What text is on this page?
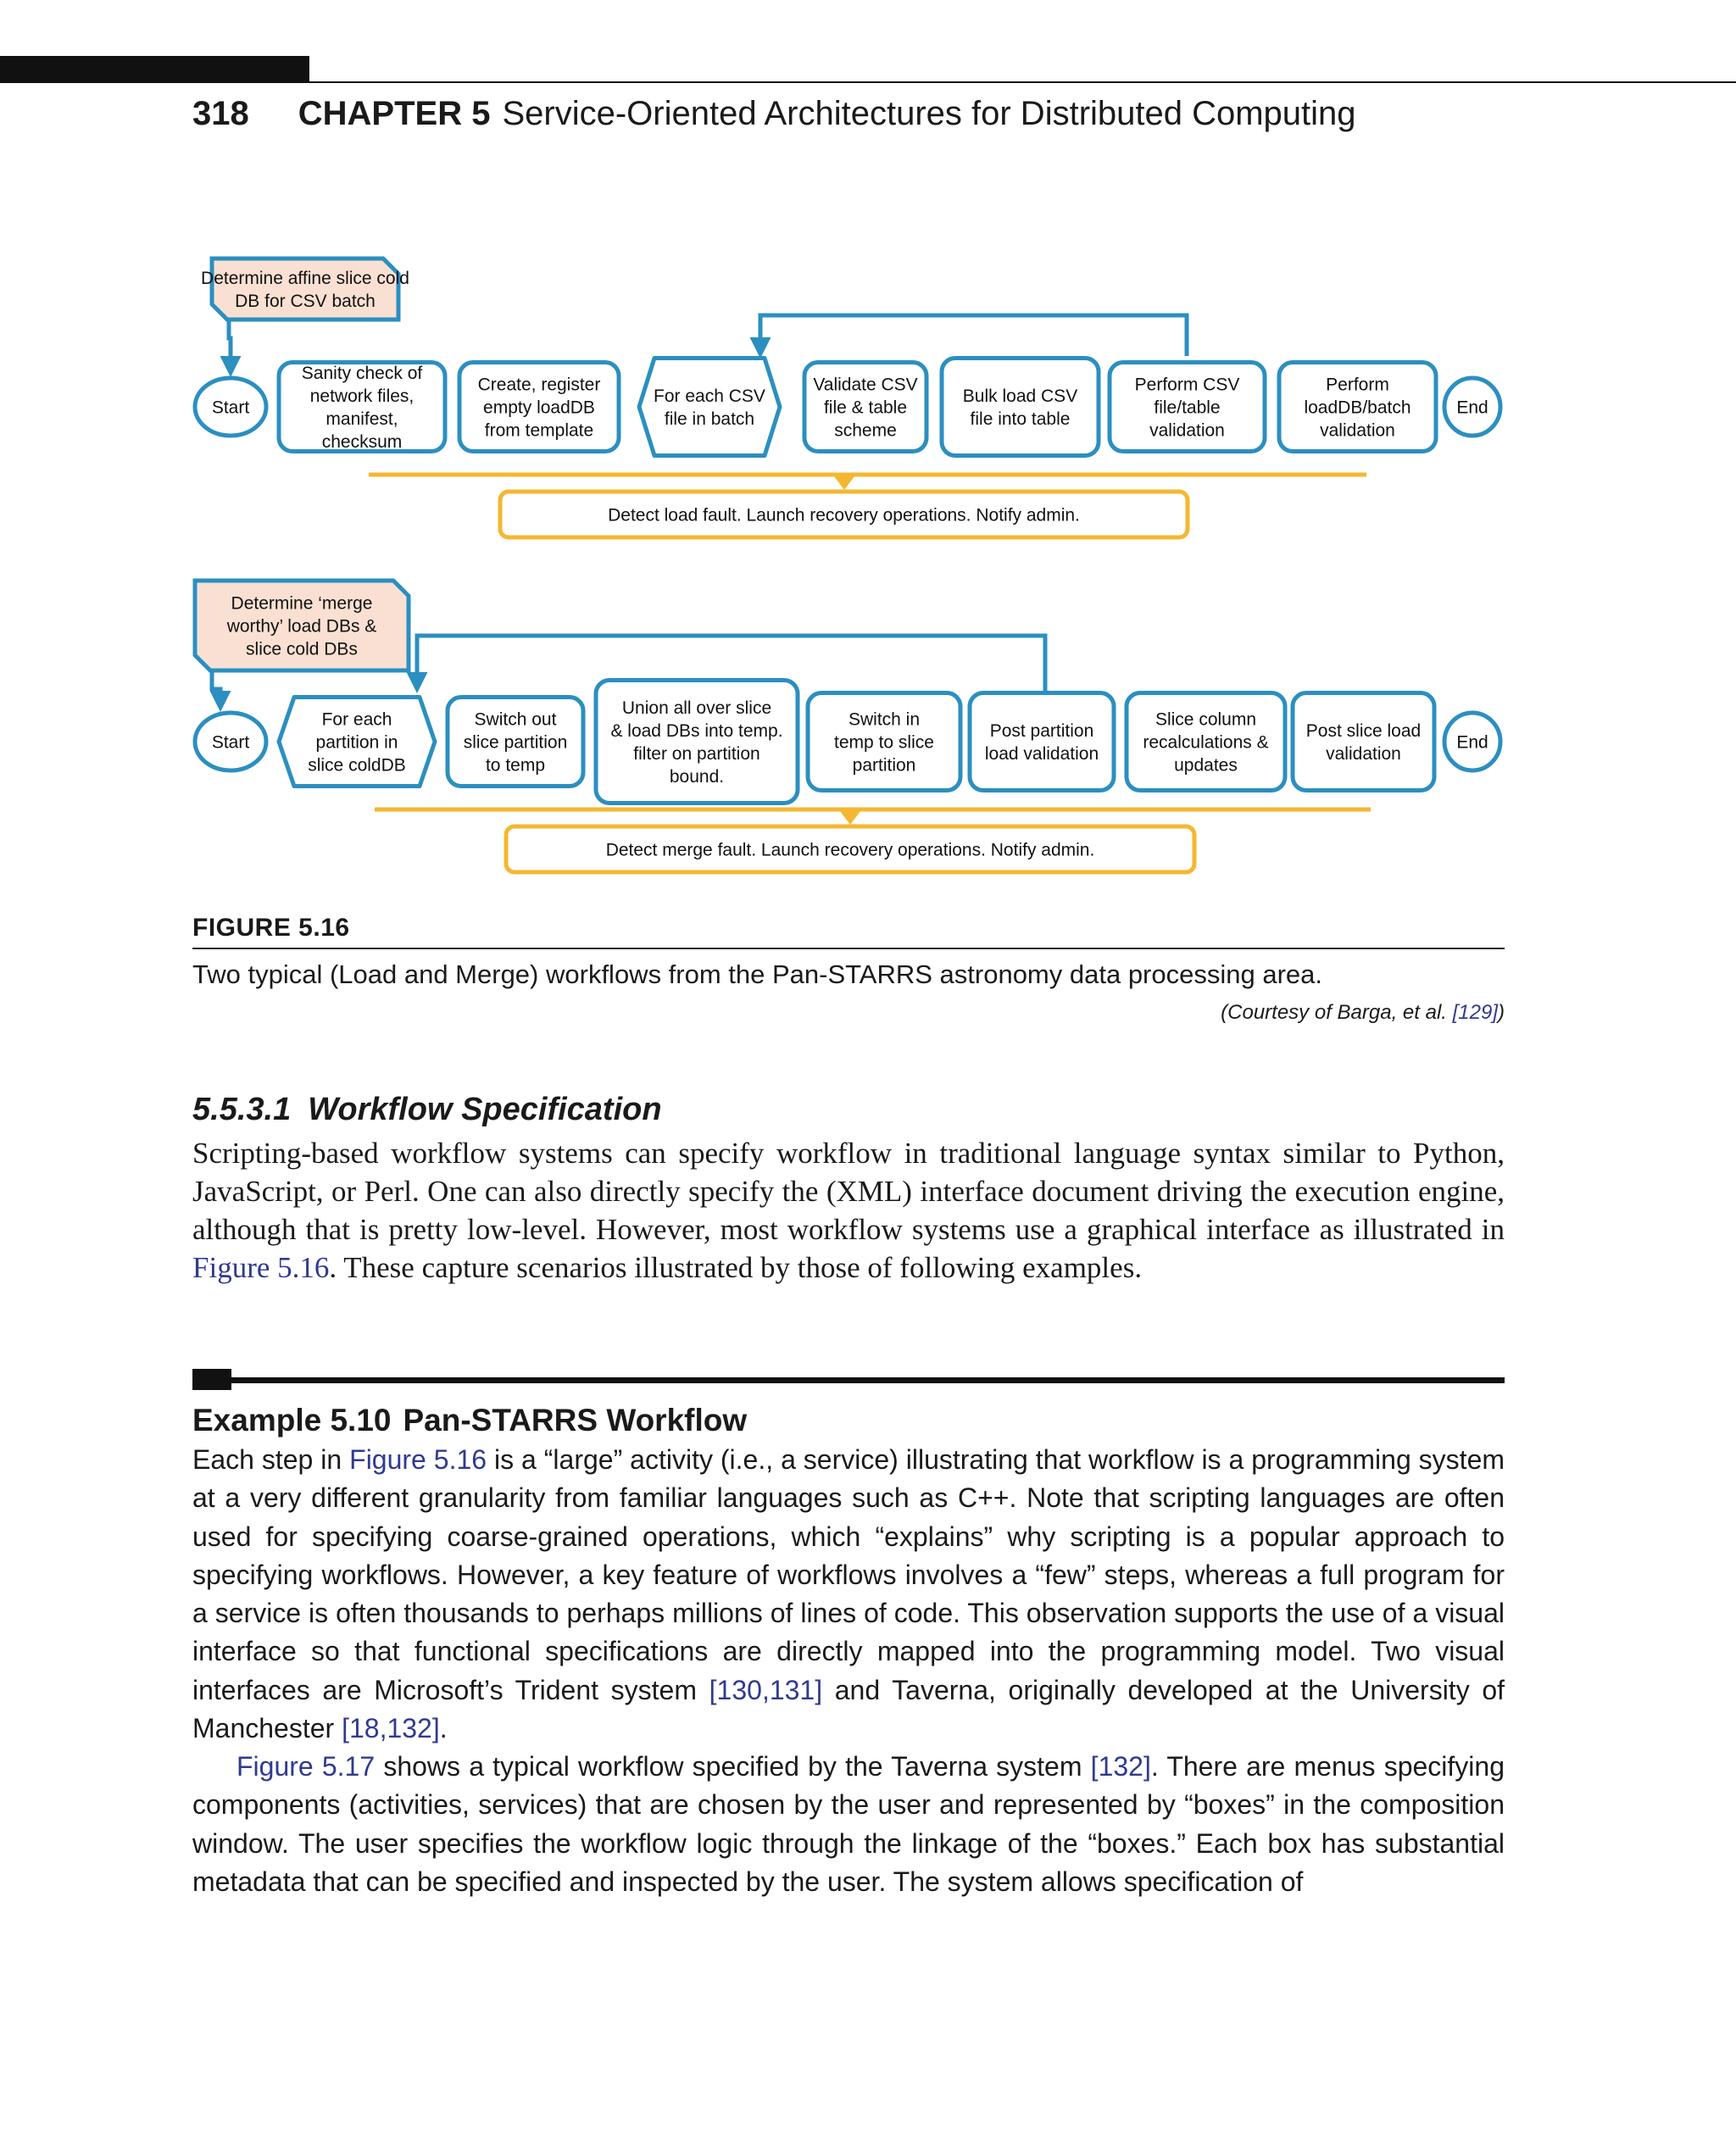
318 CHAPTER 5 Service-Oriented Architectures for Distributed Computing
Determine affine slice cold
DB for CSV batch
Start	End
Sanity check of
network files,
manifest,
checksum
Create, register
empty loadDB
from template
For each CSV
file in batch
Validate CSV
file & table
scheme
Bulk load CSV
file into table
Perform CSV
file/table
validation
Perform
loadDB/batch
validation
Detect load fault. Launch recovery operations. Notify admin.
Determine ‘merge
worthy’ load DBs &
slice cold DBs
Start	End
For each
partition in
slice coldDB
Switch out
slice partition
to temp
Union all over slice
& load DBs into temp.
filter on partition
bound.
Switch in
temp to slice
partition
Post partition
load validation
Slice column
recalculations &
updates
Post slice load
validation
Detect merge fault. Launch recovery operations. Notify admin.
FIGURE 5.16
Two typical (Load and Merge) workflows from the Pan-STARRS astronomy data processing area.
(Courtesy of Barga, et al. [129])
5.5.3.1 Workflow Specification
Scripting-based workflow systems can specify workflow in traditional language syntax similar to Python, JavaScript, or Perl. One can also directly specify the (XML) interface document driving the execution engine, although that is pretty low-level. However, most workflow systems use a graphical interface as illustrated in Figure 5.16. These capture scenarios illustrated by those of following examples.
Example 5.10 Pan-STARRS Workflow
Each step in Figure 5.16 is a “large” activity (i.e., a service) illustrating that workflow is a programming system at a very different granularity from familiar languages such as C++. Note that scripting languages are often used for specifying coarse-grained operations, which “explains” why scripting is a popular approach to specifying workflows. However, a key feature of workflows involves a “few” steps, whereas a full program for a service is often thousands to perhaps millions of lines of code. This observation supports the use of a visual interface so that functional specifications are directly mapped into the programming model. Two visual interfaces are Microsoft’s Trident system [130,131] and Taverna, originally developed at the University of Manchester [18,132].
Figure 5.17 shows a typical workflow specified by the Taverna system [132]. There are menus specifying components (activities, services) that are chosen by the user and represented by “boxes” in the composition window. The user specifies the workflow logic through the linkage of the “boxes.” Each box has substantial metadata that can be specified and inspected by the user. The system allows specification of
